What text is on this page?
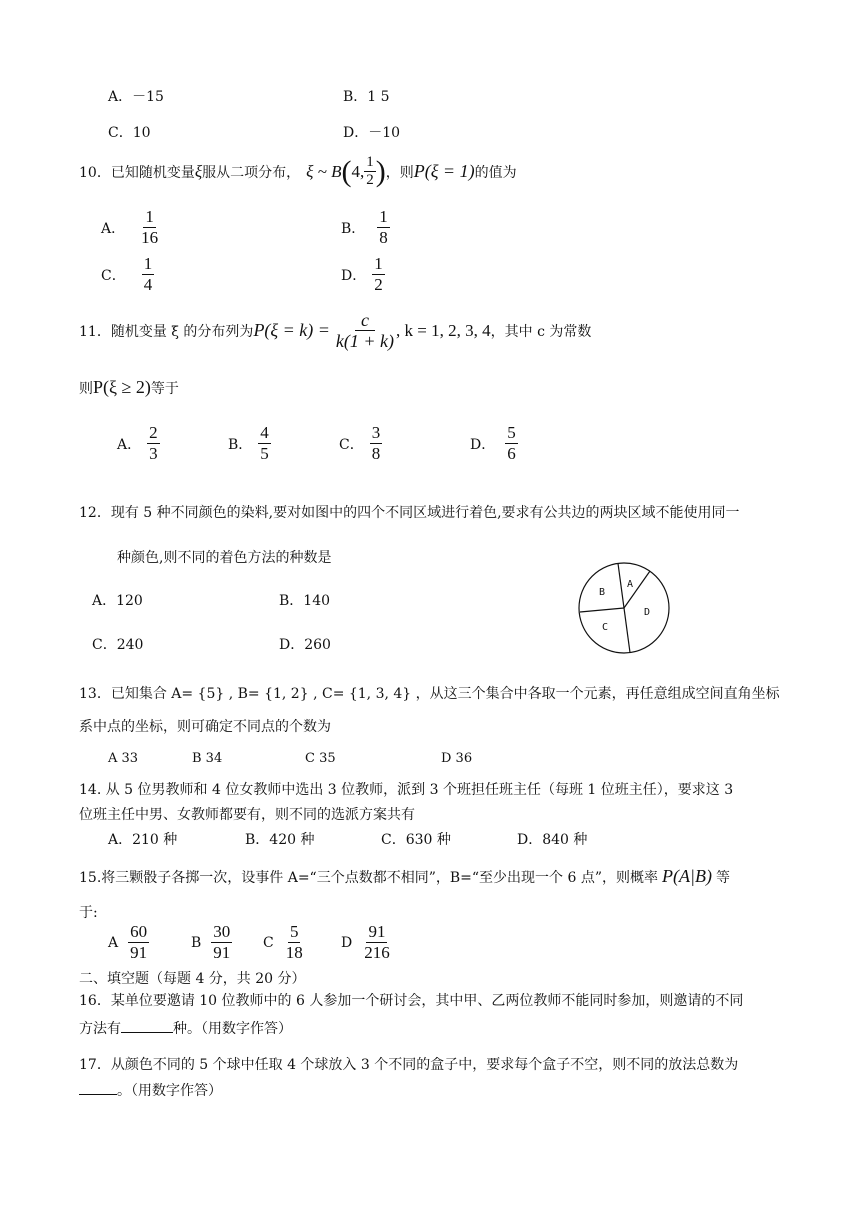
A．－15	B．1 5
C．10	D．－10
10．已知随机变量 ξ 服从二项分布， ξ ~ B ( 4, $\frac{1}{2}$ ) ，则 P(ξ = 1) 的值为
A． $\frac{1}{16}$	B． $\frac{1}{8}$
C． $\frac{1}{4}$	D． $\frac{1}{2}$
11．随机变量 ξ 的分布列为 $P(\xi = k) = \frac{c}{k(1 + k)}$ , k = 1, 2, 3, 4 ，其中 c 为常数
则 P(ξ ≥ 2) 等于
A． $\frac{2}{3}$	B． $\frac{4}{5}$	C． $\frac{3}{8}$	D． $\frac{5}{6}$
12．现有 5 种不同颜色的染料,要对如图中的四个不同区域进行着色,要求有公共边的两块区域不能使用同一
种颜色,则不同的着色方法的种数是
A．120	B．140
C．240	D．260
A
B
C
D
13．已知集合 A= {5} , B= {1, 2} , C= {1, 3, 4} ，从这三个集合中各取一个元素，再任意组成空间直角坐标
系中点的坐标，则可确定不同点的个数为
A 33	B 34	C 35	D 36
14. 从 5 位男教师和 4 位女教师中选出 3 位教师，派到 3 个班担任班主任（每班 1 位班主任），要求这 3
位班主任中男、女教师都要有，则不同的选派方案共有
A．210 种	B．420 种	C．630 种	D．840 种
15.将三颗骰子各掷一次，设事件 A=“三个点数都不相同”，B=“至少出现一个 6 点”，则概率 P(A|B) 等
于:
A $\frac{60}{91}$	B $\frac{30}{91}$ C $\frac{5}{18}$	D $\frac{91}{216}$
二、填空题（每题 4 分，共 20 分）
16．某单位要邀请 10 位教师中的 6 人参加一个研讨会，其中甲、乙两位教师不能同时参加，则邀请的不同
方法有	种。（用数字作答）
17．从颜色不同的 5 个球中任取 4 个球放入 3 个不同的盒子中，要求每个盒子不空，则不同的放法总数为
。（用数字作答）
